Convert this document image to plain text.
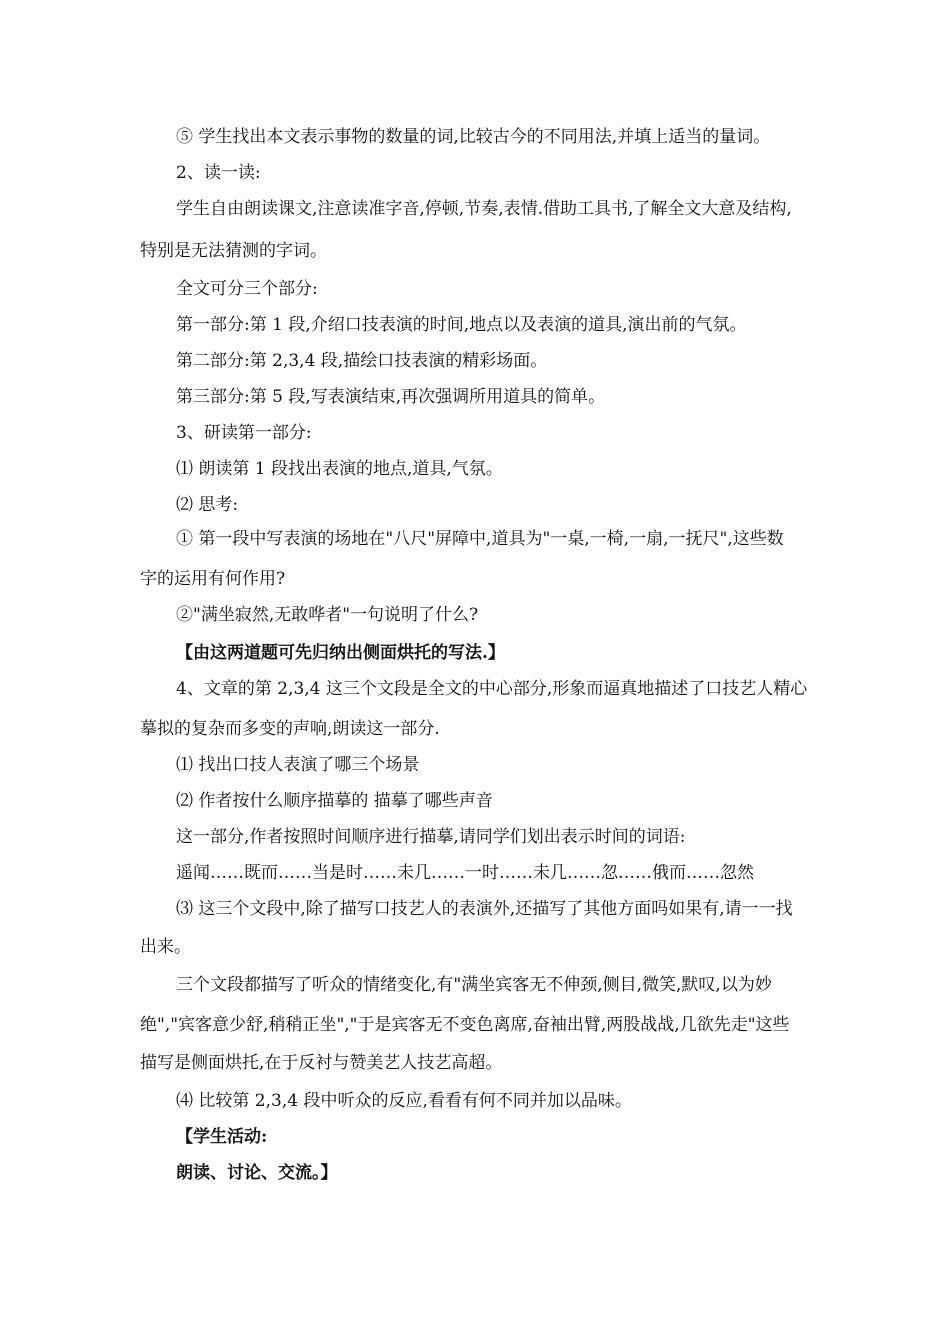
⑤ 学生找出本文表示事物的数量的词,比较古今的不同用法,并填上适当的量词。

2、读一读:

学生自由朗读课文,注意读准字音,停顿,节奏,表情.借助工具书,了解全文大意及结构,

特别是无法猜测的字词。

全文可分三个部分:

第一部分:第 1 段,介绍口技表演的时间,地点以及表演的道具,演出前的气氛。

第二部分:第 2,3,4 段,描绘口技表演的精彩场面。

第三部分:第 5 段,写表演结束,再次强调所用道具的简单。

3、研读第一部分:

⑴ 朗读第 1 段找出表演的地点,道具,气氛。

⑵ 思考:

① 第一段中写表演的场地在"八尺"屏障中,道具为"一桌,一椅,一扇,一抚尺",这些数

字的运用有何作用?

②"满坐寂然,无敢哗者"一句说明了什么?

【由这两道题可先归纳出侧面烘托的写法.】

4、文章的第 2,3,4 这三个文段是全文的中心部分,形象而逼真地描述了口技艺人精心

摹拟的复杂而多变的声响,朗读这一部分.

⑴ 找出口技人表演了哪三个场景

⑵ 作者按什么顺序描摹的 描摹了哪些声音

这一部分,作者按照时间顺序进行描摹,请同学们划出表示时间的词语:

遥闻……既而……当是时……未几……一时……未几……忽……俄而……忽然

⑶ 这三个文段中,除了描写口技艺人的表演外,还描写了其他方面吗如果有,请一一找

出来。

三个文段都描写了听众的情绪变化,有"满坐宾客无不伸颈,侧目,微笑,默叹,以为妙

绝","宾客意少舒,稍稍正坐","于是宾客无不变色离席,奋袖出臂,两股战战,几欲先走"这些

描写是侧面烘托,在于反衬与赞美艺人技艺高超。

⑷ 比较第 2,3,4 段中听众的反应,看看有何不同并加以品味。

【学生活动:

朗读、讨论、交流。】
